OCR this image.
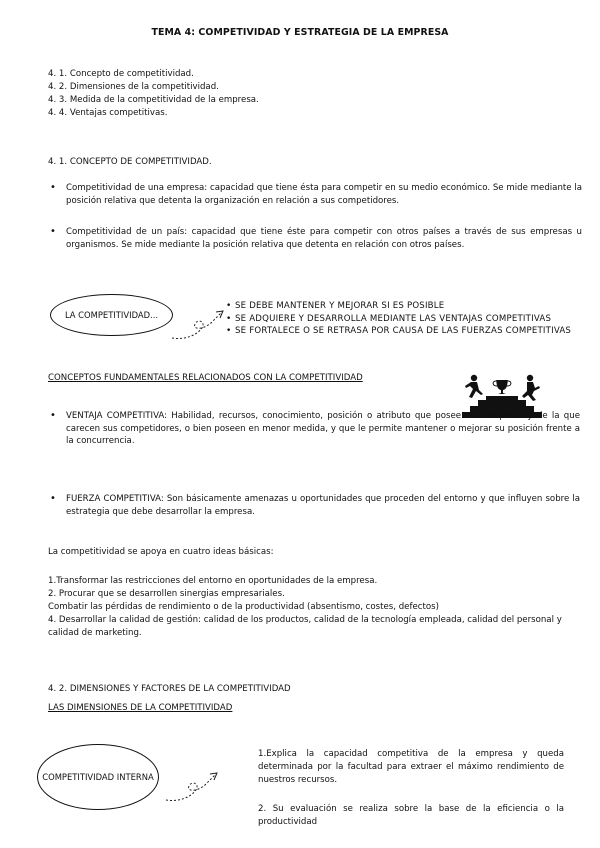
TEMA 4: COMPETIVIDAD Y ESTRATEGIA DE LA EMPRESA
4. 1. Concepto de competitividad.
4. 2. Dimensiones de la competitividad.
4. 3. Medida de la competitividad de la empresa.
4. 4. Ventajas competitivas.
4. 1. CONCEPTO DE COMPETITIVIDAD.
• Competitividad de una empresa: capacidad que tiene ésta para competir en su medio económico. Se mide mediante la posición relativa que detenta la organización en relación a sus competidores.
• Competitividad de un país: capacidad que tiene éste para competir con otros países a través de sus empresas u organismos. Se mide mediante la posición relativa que detenta en relación con otros países.
LA COMPETITIVIDAD...
• SE DEBE MANTENER Y MEJORAR SI ES POSIBLE
• SE ADQUIERE Y DESARROLLA MEDIANTE LAS VENTAJAS COMPETITIVAS
• SE FORTALECE O SE RETRASA POR CAUSA DE LAS FUERZAS COMPETITIVAS
CONCEPTOS FUNDAMENTALES RELACIONADOS CON LA COMPETITIVIDAD
• VENTAJA COMPETITIVA: Habilidad, recursos, conocimiento, posición o atributo que posee una empresa y de la que carecen sus competidores, o bien poseen en menor medida, y que le permite mantener o mejorar su posición frente a la concurrencia.
• FUERZA COMPETITIVA: Son básicamente amenazas u oportunidades que proceden del entorno y que influyen sobre la estrategia que debe desarrollar la empresa.
La competitividad se apoya en cuatro ideas básicas:
1.Transformar las restricciones del entorno en oportunidades de la empresa.
2. Procurar que se desarrollen sinergias empresariales.
Combatir las pérdidas de rendimiento o de la productividad (absentismo, costes, defectos)
4. Desarrollar la calidad de gestión: calidad de los productos, calidad de la tecnología empleada, calidad del personal y calidad de marketing.
4. 2. DIMENSIONES Y FACTORES DE LA COMPETITIVIDAD
LAS DIMENSIONES DE LA COMPETITIVIDAD
COMPETITIVIDAD INTERNA
1.Explica la capacidad competitiva de la empresa y queda determinada por la facultad para extraer el máximo rendimiento de nuestros recursos.
2. Su evaluación se realiza sobre la base de la eficiencia o la productividad
